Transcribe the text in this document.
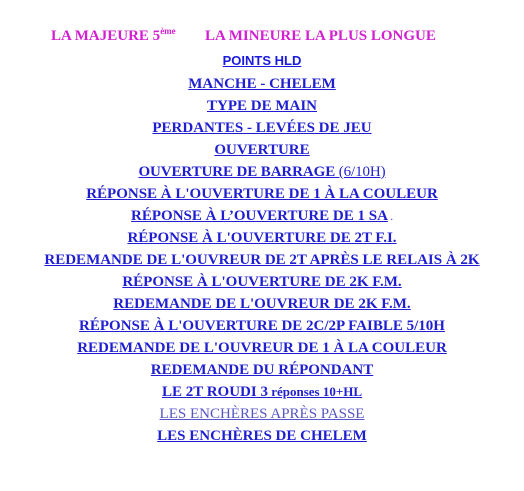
LA MAJEURE 5ème LA MINEURE LA PLUS LONGUE
POINTS HLD
MANCHE - CHELEM
TYPE DE MAIN
PERDANTES - LEVÉES DE JEU
OUVERTURE
OUVERTURE DE BARRAGE (6/10H)
RÉPONSE À L'OUVERTURE DE 1 À LA COULEUR
RÉPONSE À L’OUVERTURE DE 1 SA .
RÉPONSE À L'OUVERTURE DE 2T F.I.
REDEMANDE DE L'OUVREUR DE 2T APRÈS LE RELAIS À 2K
RÉPONSE À L'OUVERTURE DE 2K F.M.
REDEMANDE DE L'OUVREUR DE 2K F.M.
RÉPONSE À L'OUVERTURE DE 2C/2P FAIBLE 5/10H
REDEMANDE DE L'OUVREUR DE 1 À LA COULEUR
REDEMANDE DU RÉPONDANT
LE 2T ROUDI 3 réponses 10+HL
LES ENCHÈRES APRÈS PASSE
LES ENCHÈRES DE CHELEM
